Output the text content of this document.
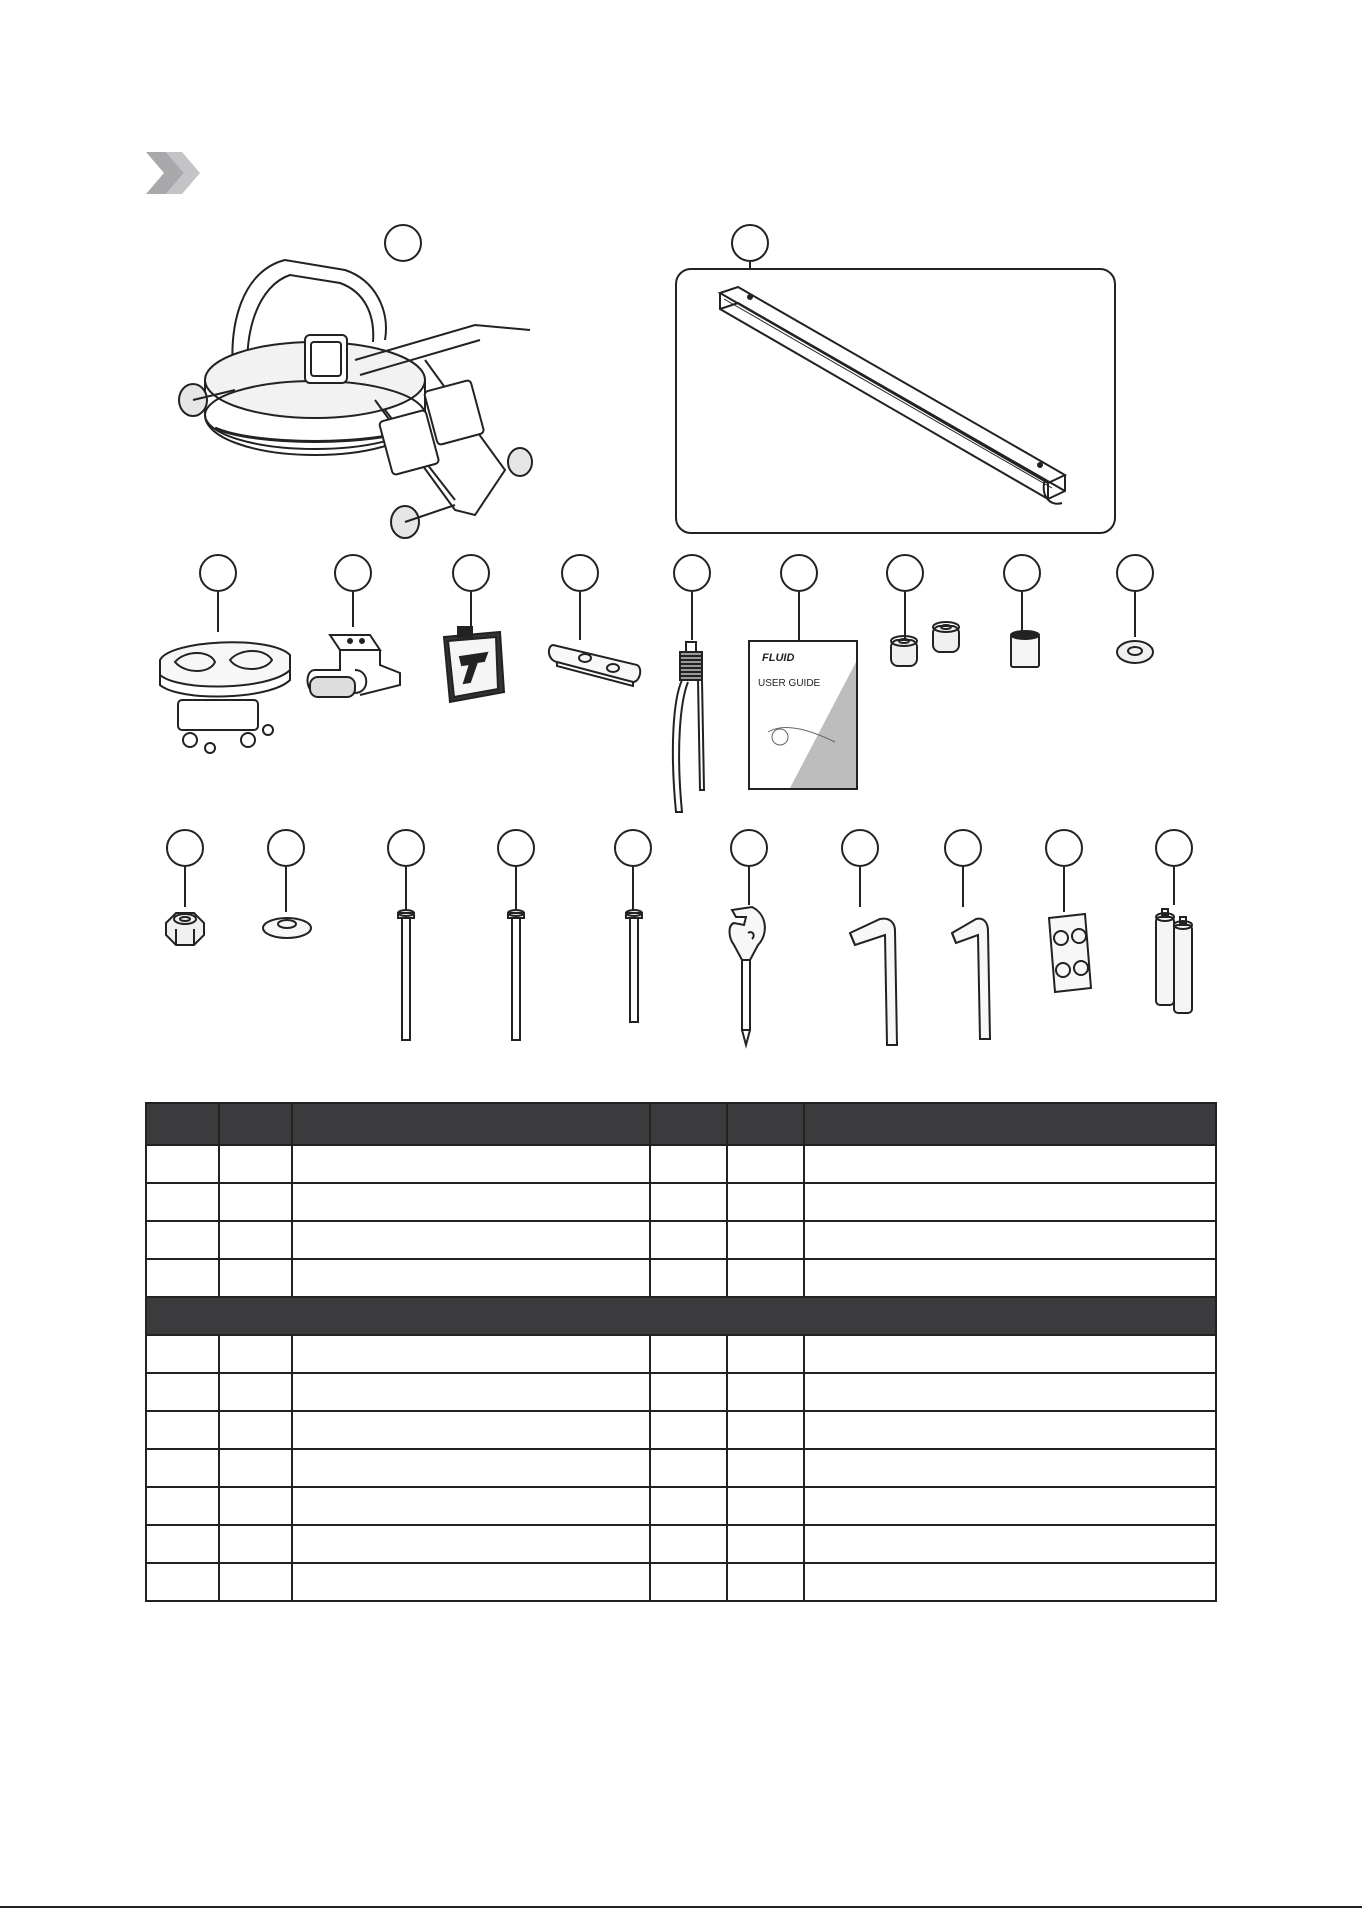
FLUID
USER GUIDE
